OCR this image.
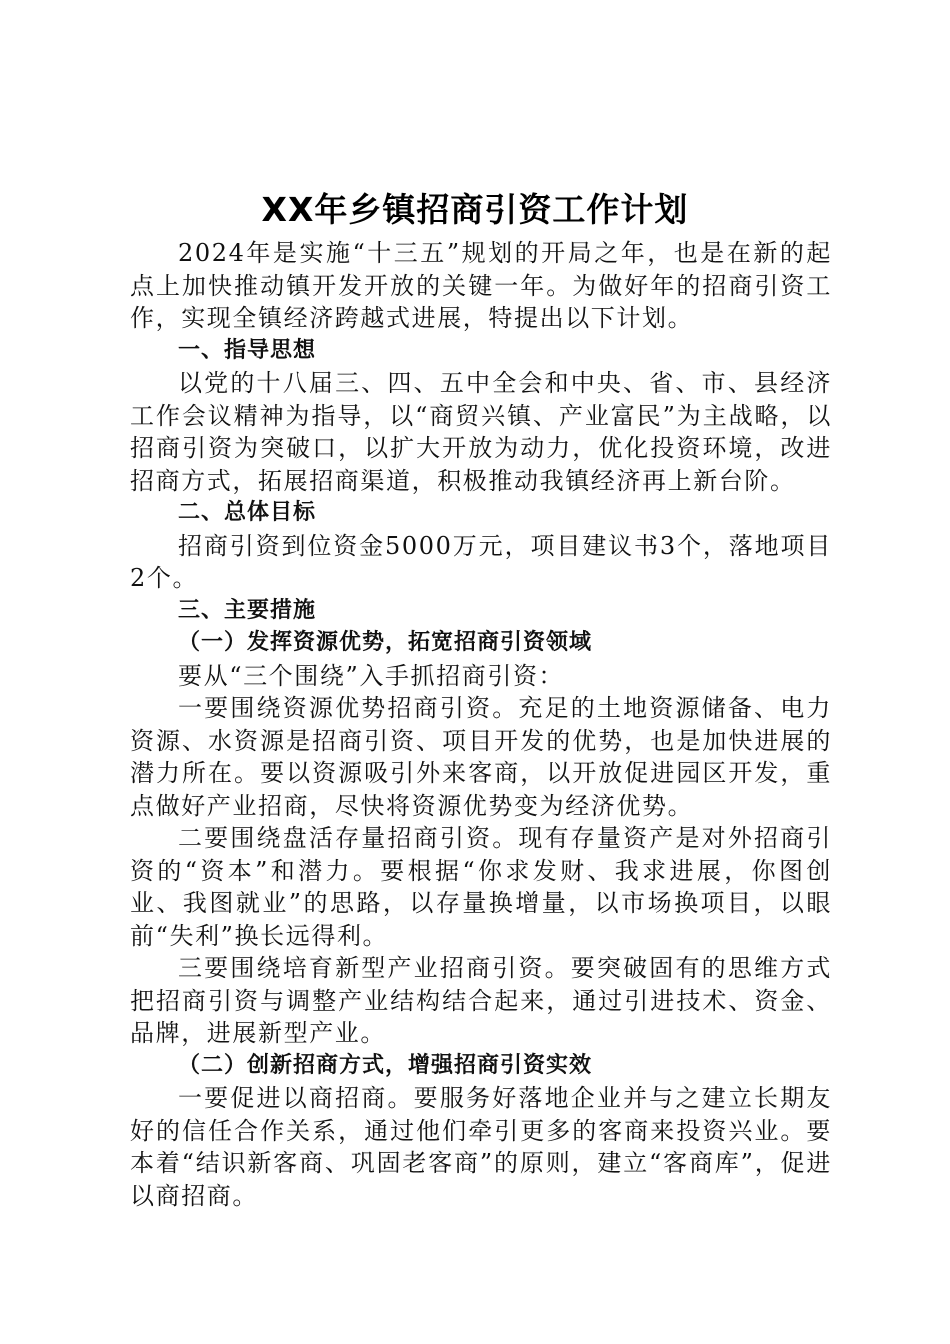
XX年乡镇招商引资工作计划

2024年是实施“十三五”规划的开局之年，也是在新的起点上加快推动镇开发开放的关键一年。为做好年的招商引资工作，实现全镇经济跨越式进展，特提出以下计划。

一、指导思想

以党的十八届三、四、五中全会和中央、省、市、县经济工作会议精神为指导，以“商贸兴镇、产业富民”为主战略，以招商引资为突破口，以扩大开放为动力，优化投资环境，改进招商方式，拓展招商渠道，积极推动我镇经济再上新台阶。

二、总体目标

招商引资到位资金5000万元，项目建议书3个，落地项目2个。

三、主要措施

（一）发挥资源优势，拓宽招商引资领域

要从“三个围绕”入手抓招商引资：

一要围绕资源优势招商引资。充足的土地资源储备、电力资源、水资源是招商引资、项目开发的优势，也是加快进展的潜力所在。要以资源吸引外来客商，以开放促进园区开发，重点做好产业招商，尽快将资源优势变为经济优势。

二要围绕盘活存量招商引资。现有存量资产是对外招商引资的“资本”和潜力。要根据“你求发财、我求进展，你图创业、我图就业”的思路，以存量换增量，以市场换项目，以眼前“失利”换长远得利。

三要围绕培育新型产业招商引资。要突破固有的思维方式把招商引资与调整产业结构结合起来，通过引进技术、资金、品牌，进展新型产业。

（二）创新招商方式，增强招商引资实效

一要促进以商招商。要服务好落地企业并与之建立长期友好的信任合作关系，通过他们牵引更多的客商来投资兴业。要本着“结识新客商、巩固老客商”的原则，建立“客商库”，促进以商招商。
